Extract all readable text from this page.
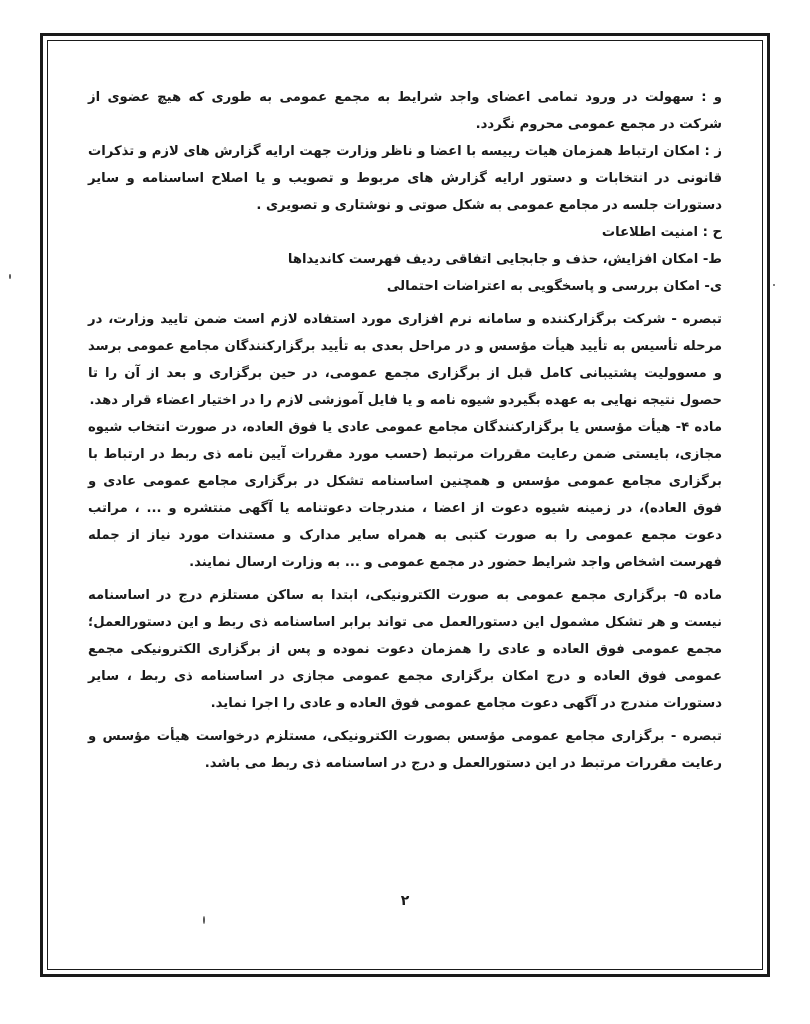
و : سهولت در ورود تمامی اعضای واجد شرایط به مجمع عمومی به طوری که هیچ عضوی از شرکت در مجمع عمومی محروم نگردد.

ز : امکان ارتباط همزمان هیات رییسه با اعضا و ناظر وزارت جهت ارایه گزارش های لازم و تذکرات قانونی در انتخابات و دستور ارایه گزارش های مربوط و تصویب و یا اصلاح اساسنامه و سایر دستورات جلسه در مجامع عمومی به شکل صوتی و نوشتاری و تصویری .

ح : امنیت اطلاعات

ط- امکان افزایش، حذف و جابجایی اتفاقی ردیف فهرست کاندیداها

ی- امکان بررسی و پاسخگویی به اعتراضات احتمالی

تبصره - شرکت برگزارکننده و سامانه نرم افزاری مورد استفاده لازم است ضمن تایید وزارت، در مرحله تأسیس به تأیید هیأت مؤسس و در مراحل بعدی به تأیید برگزارکنندگان مجامع عمومی برسد و مسوولیت پشتیبانی کامل قبل از برگزاری مجمع عمومی، در حین برگزاری و بعد از آن را تا حصول نتیجه نهایی به عهده بگیردو شیوه نامه و یا فایل آموزشی لازم را در اختیار اعضاء قرار دهد.

ماده ۴- هیأت مؤسس یا برگزارکنندگان مجامع عمومی عادی یا فوق العاده، در صورت انتخاب شیوه مجازی، بایستی ضمن رعایت مقررات مرتبط (حسب مورد مقررات آیین نامه ذی ربط در ارتباط با برگزاری مجامع عمومی مؤسس و همچنین اساسنامه تشکل در برگزاری مجامع عمومی عادی و فوق العاده)، در زمینه شیوه دعوت از اعضا ، مندرجات دعوتنامه یا آگهی منتشره و ... ، مراتب دعوت مجمع عمومی را به صورت کتبی به همراه سایر مدارک و مستندات مورد نیاز از جمله فهرست اشخاص واجد شرایط حضور در مجمع عمومی و ... به وزارت ارسال نمایند.

ماده ۵- برگزاری مجمع عمومی به صورت الکترونیکی، ابتدا به ساکن مستلزم درج در اساسنامه نیست و هر تشکل مشمول این دستورالعمل می تواند برابر اساسنامه ذی ربط و این دستورالعمل؛ مجمع عمومی فوق العاده و عادی را همزمان دعوت نموده و پس از برگزاری الکترونیکی مجمع عمومی فوق العاده و درج امکان برگزاری مجمع عمومی مجازی در اساسنامه ذی ربط ، سایر دستورات مندرج در آگهی دعوت مجامع عمومی فوق العاده و عادی را اجرا نماید.

تبصره - برگزاری مجامع عمومی مؤسس بصورت الکترونیکی، مستلزم درخواست هیأت مؤسس و رعایت مقررات مرتبط در این دستورالعمل و درج در اساسنامه ذی ربط می باشد.

۲
